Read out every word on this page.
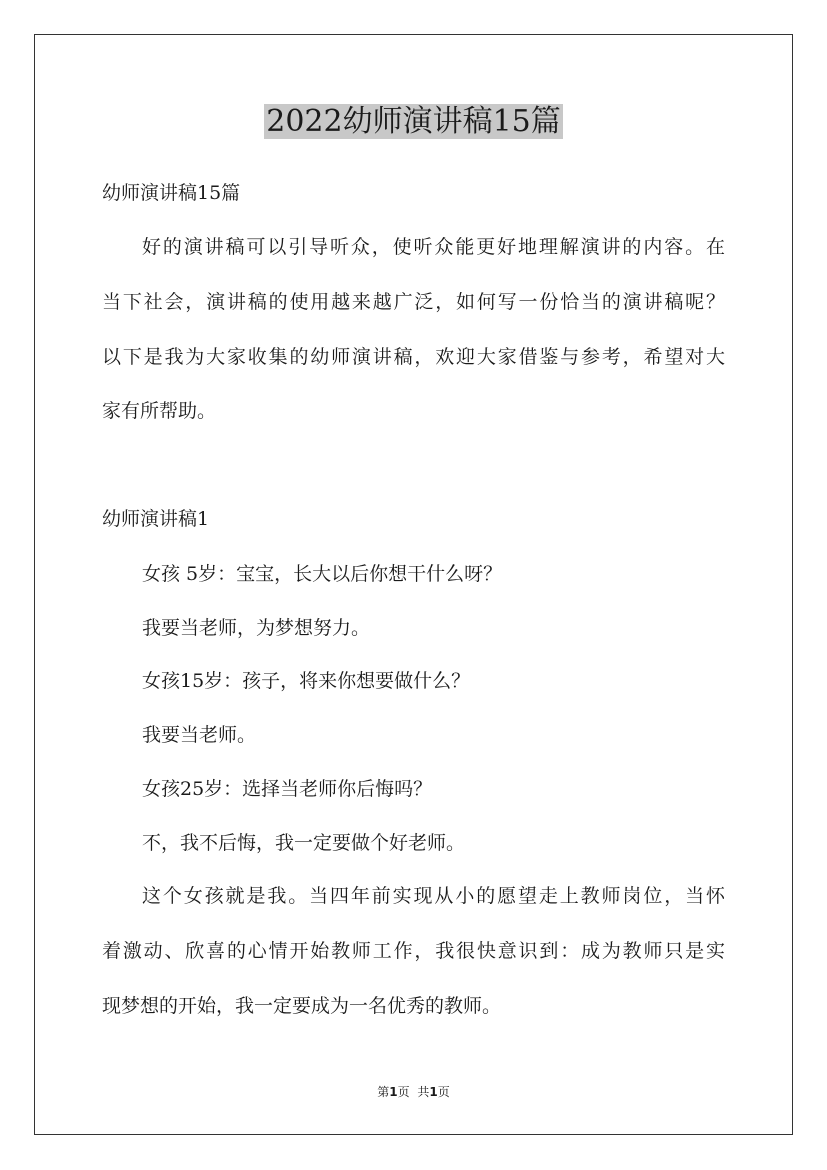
2022幼师演讲稿15篇

幼师演讲稿15篇

好的演讲稿可以引导听众，使听众能更好地理解演讲的内容。在

当下社会，演讲稿的使用越来越广泛，如何写一份恰当的演讲稿呢？

以下是我为大家收集的幼师演讲稿，欢迎大家借鉴与参考，希望对大

家有所帮助。

幼师演讲稿1

女孩 5岁：宝宝，长大以后你想干什么呀？

我要当老师，为梦想努力。

女孩15岁：孩子，将来你想要做什么？

我要当老师。

女孩25岁：选择当老师你后悔吗？

不，我不后悔，我一定要做个好老师。

这个女孩就是我。当四年前实现从小的愿望走上教师岗位，当怀

着激动、欣喜的心情开始教师工作，我很快意识到：成为教师只是实

现梦想的开始，我一定要成为一名优秀的教师。

第1页 共1页
